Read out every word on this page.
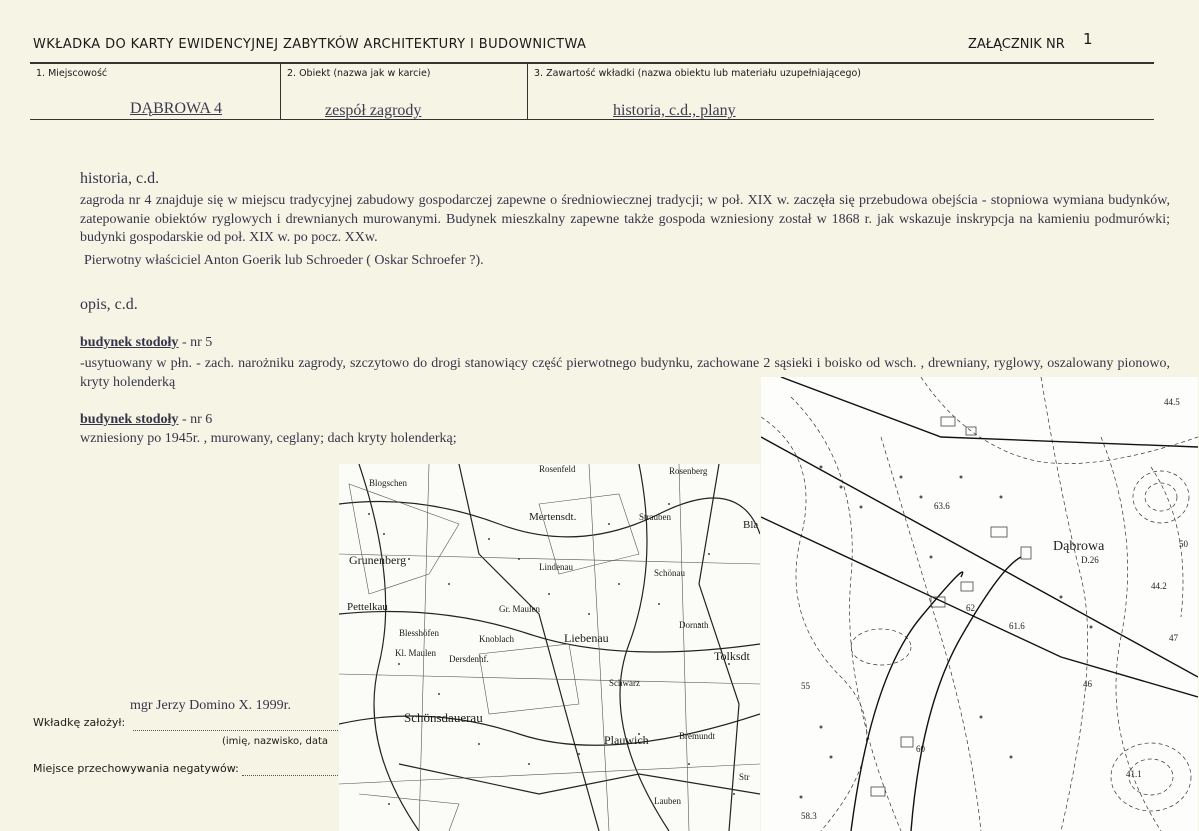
WKŁADKA DO KARTY EWIDENCYJNEJ ZABYTKÓW ARCHITEKTURY I BUDOWNICTWA	ZAŁĄCZNIK NR 1
1. Miejscowość	2. Obiekt (nazwa jak w karcie)	3. Zawartość wkładki (nazwa obiektu lub materiału uzupełniającego)
DĄBROWA 4	zespół zagrody	historia, c.d., plany
historia, c.d.
zagroda nr 4 znajduje się w miejscu tradycyjnej zabudowy gospodarczej zapewne o średniowiecznej tradycji; w poł. XIX w. zaczęła się przebudowa obejścia - stopniowa wymiana budynków, zatepowanie obiektów ryglowych i drewnianych murowanymi. Budynek mieszkalny zapewne także gospoda wzniesiony został w 1868 r. jak wskazuje inskrypcja na kamieniu podmurówki; budynki gospodarskie od poł. XIX w. po pocz. XXw.
Pierwotny właściciel Anton Goerik lub Schroeder ( Oskar Schroefer ?).
opis, c.d.
budynek stodoły - nr 5
-usytuowany w płn. - zach. narożniku zagrody, szczytowo do drogi stanowiący część pierwotnego budynku, zachowane 2 sąsieki i boisko od wsch. , drewniany, ryglowy, oszalowany pionowo, kryty holenderką
budynek stodoły - nr 6
wzniesiony po 1945r. , murowany, ceglany; dach kryty holenderką;
mgr Jerzy Domino X. 1999r.
Wkładkę założył:
(imię, nazwisko, data
Miejsce przechowywania negatywów:
Rosenfeld
Blogschen
Rosenberg
Mertensdt.	Strauben
Bla
Grunenberg	Lindenau
Schönau
Pettelkau	Gr. Maulen
Liebenau
Dornath
Tolksdt
Blesshöfen
Kl. Maulen
Knoblach
Dersdenhf.
Schwarz
Schönsdauerau
Plauwich	Bremundt
Str
Lauben
Dąbrowa
44.5
63.6
50
D.26
44.2
62
61.6
47
55	46
60
41.1
58.3
